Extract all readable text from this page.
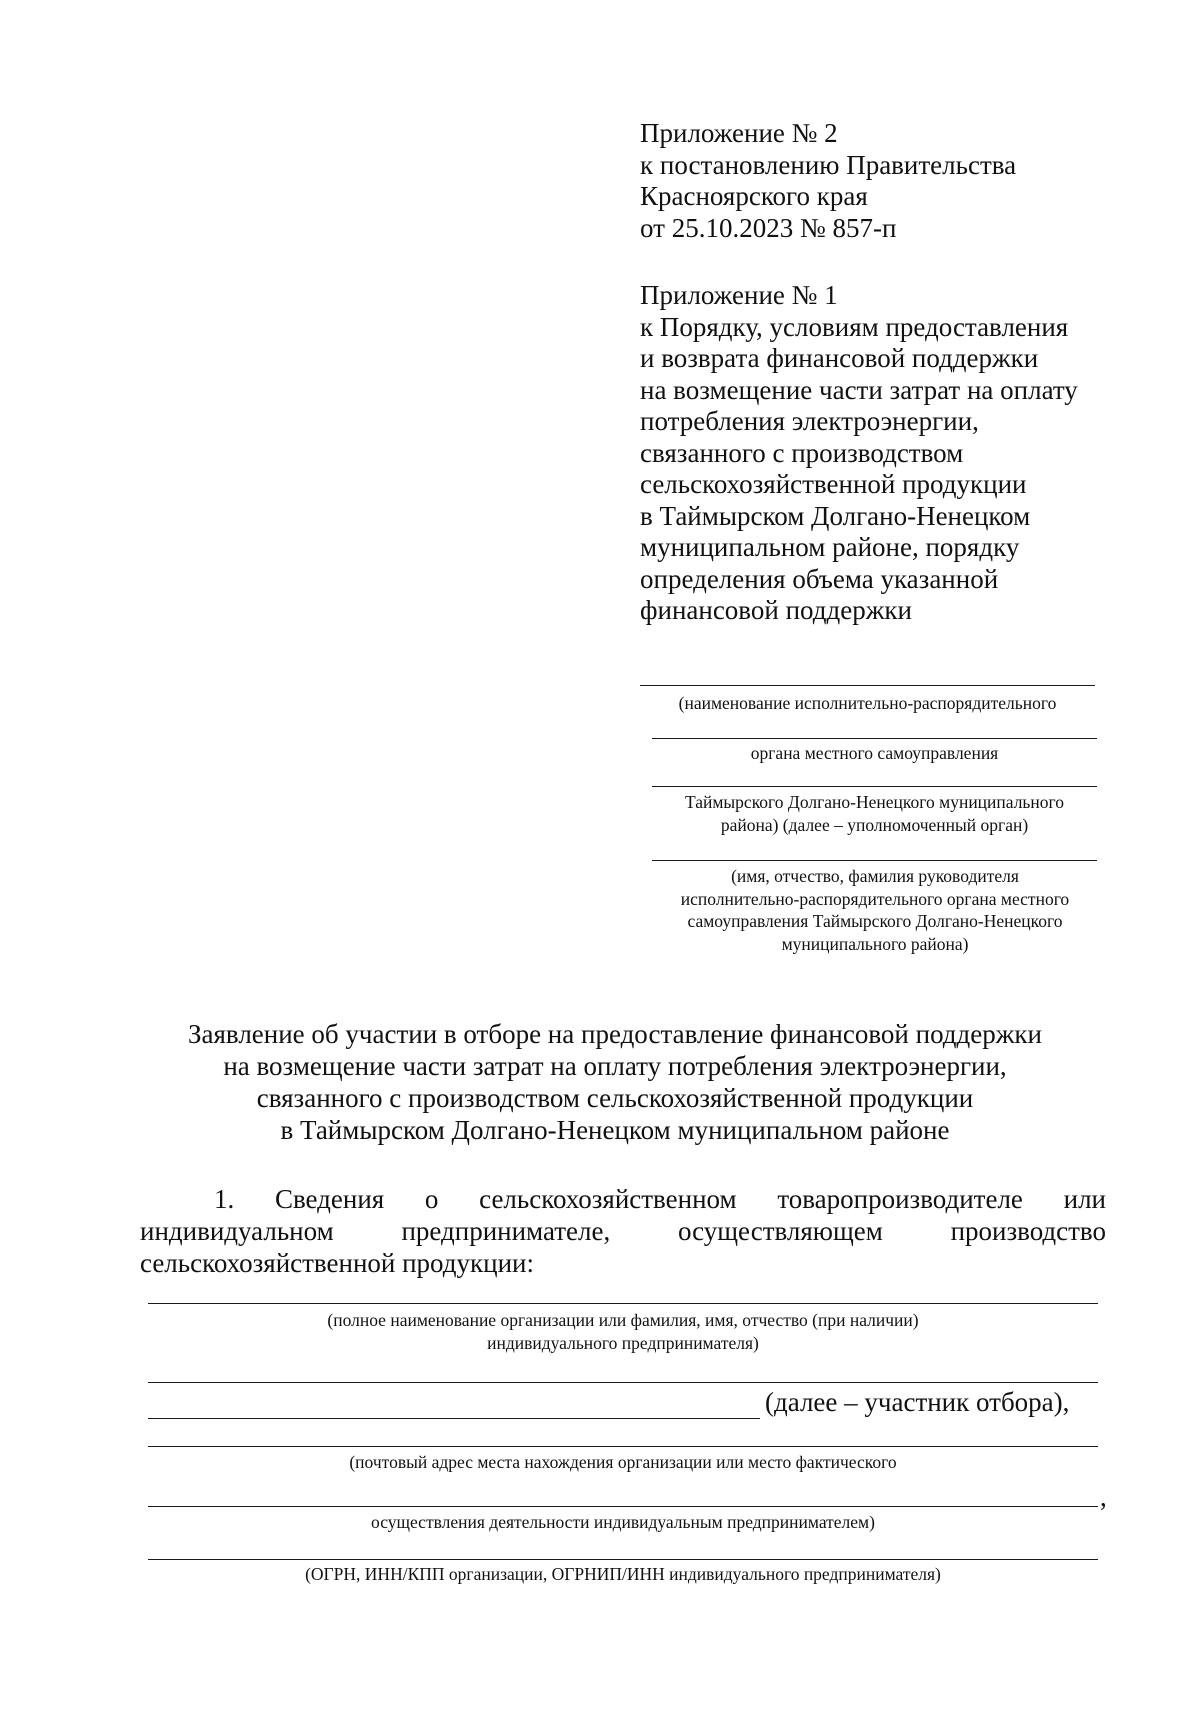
Приложение № 2
к постановлению Правительства
Красноярского края
от 25.10.2023 № 857-п
Приложение № 1
к Порядку, условиям предоставления
и возврата финансовой поддержки
на возмещение части затрат на оплату
потребления электроэнергии,
связанного с производством
сельскохозяйственной продукции
в Таймырском Долгано-Ненецком
муниципальном районе, порядку
определения объема указанной
финансовой поддержки
(наименование исполнительно-распорядительного
органа местного самоуправления
Таймырского Долгано-Ненецкого муниципального
района) (далее – уполномоченный орган)
(имя, отчество, фамилия руководителя
исполнительно-распорядительного органа местного
самоуправления Таймырского Долгано-Ненецкого
муниципального района)
Заявление об участии в отборе на предоставление финансовой поддержки
на возмещение части затрат на оплату потребления электроэнергии,
связанного с производством сельскохозяйственной продукции
в Таймырском Долгано-Ненецком муниципальном районе
1. Сведения о сельскохозяйственном товаропроизводителе или
индивидуальном	предпринимателе,	осуществляющем	производство
сельскохозяйственной продукции:
(полное наименование организации или фамилия, имя, отчество (при наличии)
индивидуального предпринимателя)
(далее – участник отбора),
(почтовый адрес места нахождения организации или место фактического
,
осуществления деятельности индивидуальным предпринимателем)
(ОГРН, ИНН/КПП организации, ОГРНИП/ИНН индивидуального предпринимателя)
